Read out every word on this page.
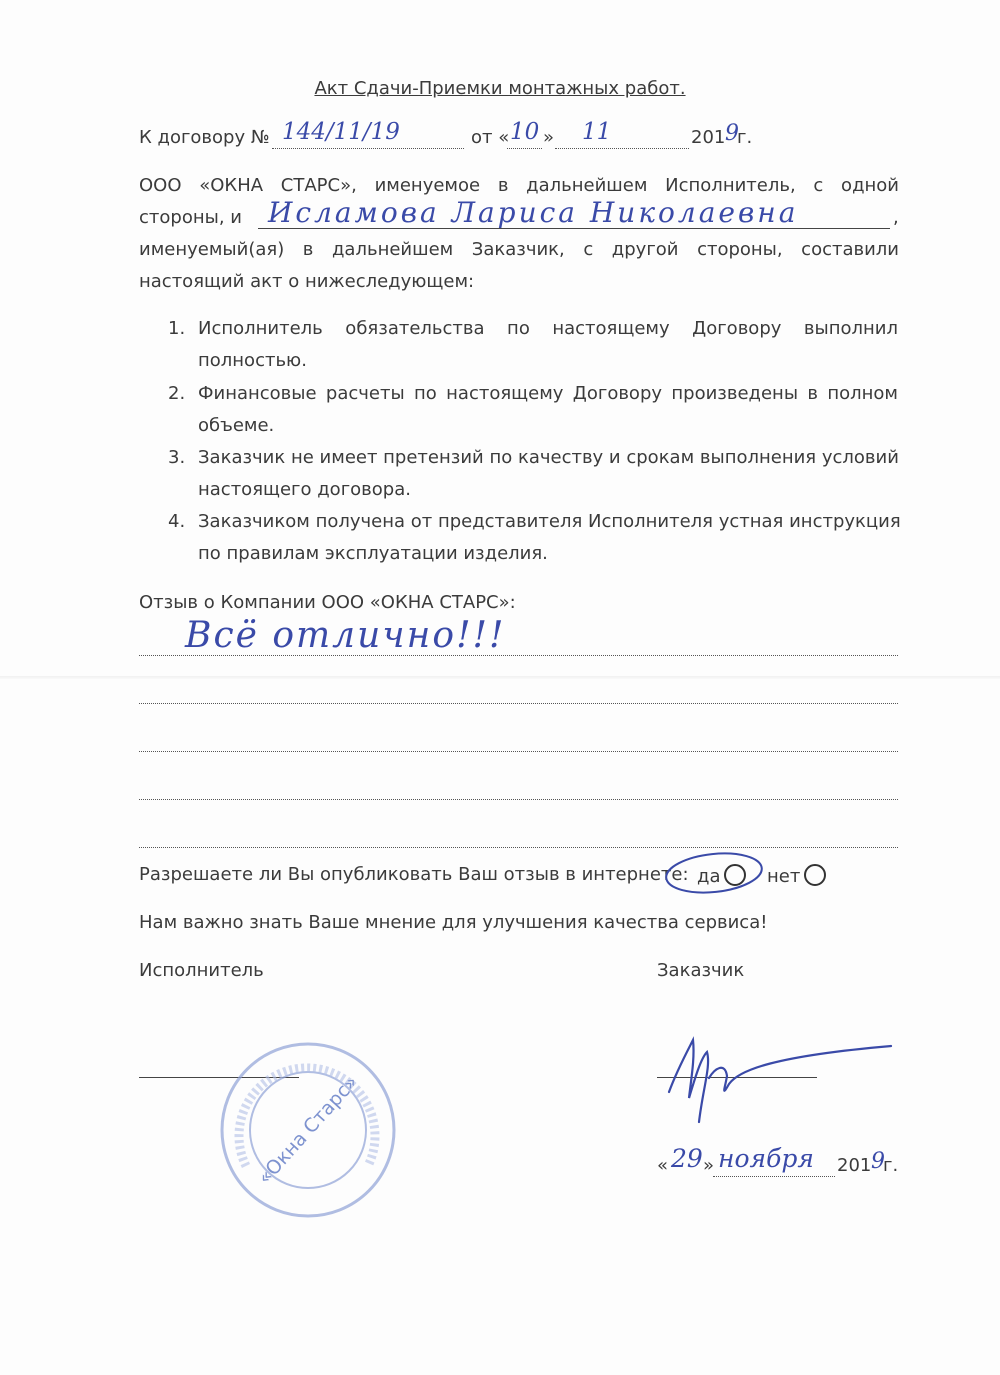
Акт Сдачи-Приемки монтажных работ.
К договору № 144/11/19	от « 10 » 11	201 9
г.
ООО «ОКНА СТАРС», именуемое в дальнейшем Исполнитель, с одной
стороны, и Исламова Лариса Николаевна	,
именуемый(ая) в дальнейшем Заказчик, с другой стороны, составили
настоящий акт о нижеследующем:
1. Исполнитель обязательства по настоящему Договору выполнил
полностью.
2. Финансовые расчеты по настоящему Договору произведены в полном
объеме.
3. Заказчик не имеет претензий по качеству и срокам выполнения условий
настоящего договора.
4. Заказчиком получена от представителя Исполнителя устная инструкция
по правилам эксплуатации изделия.
Отзыв о Компании ООО «ОКНА СТАРС»:
Всё отлично!!!
Разрешаете ли Вы опубликовать Ваш отзыв в интернете: да	нет
Нам важно знать Ваше мнение для улучшения качества сервиса!
Исполнитель	Заказчик
«Окна Старс»	« 29 » ноября 201 9
г.
